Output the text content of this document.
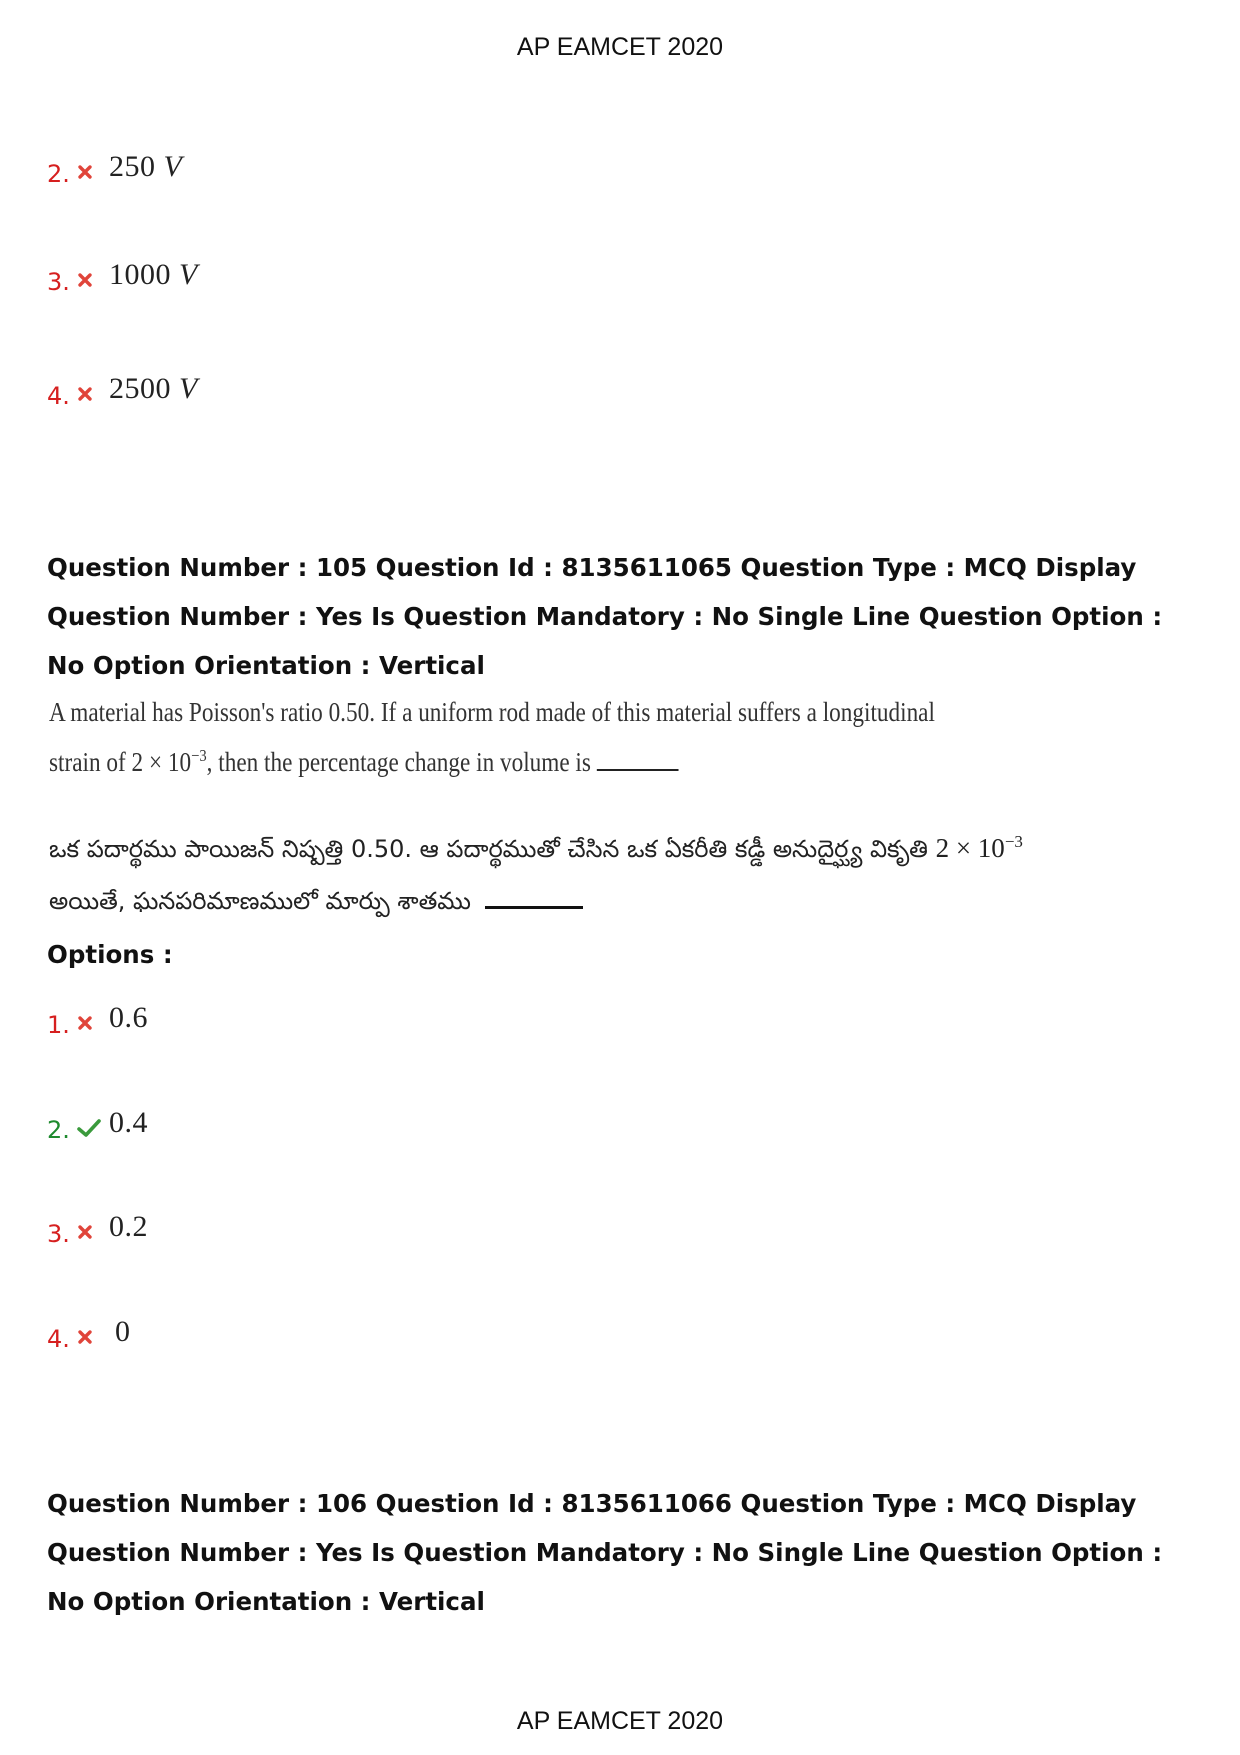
AP EAMCET 2020
2. 250 V
3. 1000 V
4. 2500 V
Question Number : 105 Question Id : 8135611065 Question Type : MCQ Display Question Number : Yes Is Question Mandatory : No Single Line Question Option : No Option Orientation : Vertical
A material has Poisson's ratio 0.50. If a uniform rod made of this material suffers a longitudinal
strain of $2 \times 10^{-3}$, then the percentage change in volume is
ఒక పదార్థము పాయిజన్ నిష్పత్తి 0.50. ఆ పదార్థముతో చేసిన ఒక ఏకరీతి కడ్డీ అనుదైర్ఘ్య వికృతి $2 \times 10^{-3}$
అయితే, ఘనపరిమాణములో మార్పు శాతము
Options :
1. 0.6
2. 0.4
3. 0.2
4. 0
Question Number : 106 Question Id : 8135611066 Question Type : MCQ Display Question Number : Yes Is Question Mandatory : No Single Line Question Option : No Option Orientation : Vertical
AP EAMCET 2020
